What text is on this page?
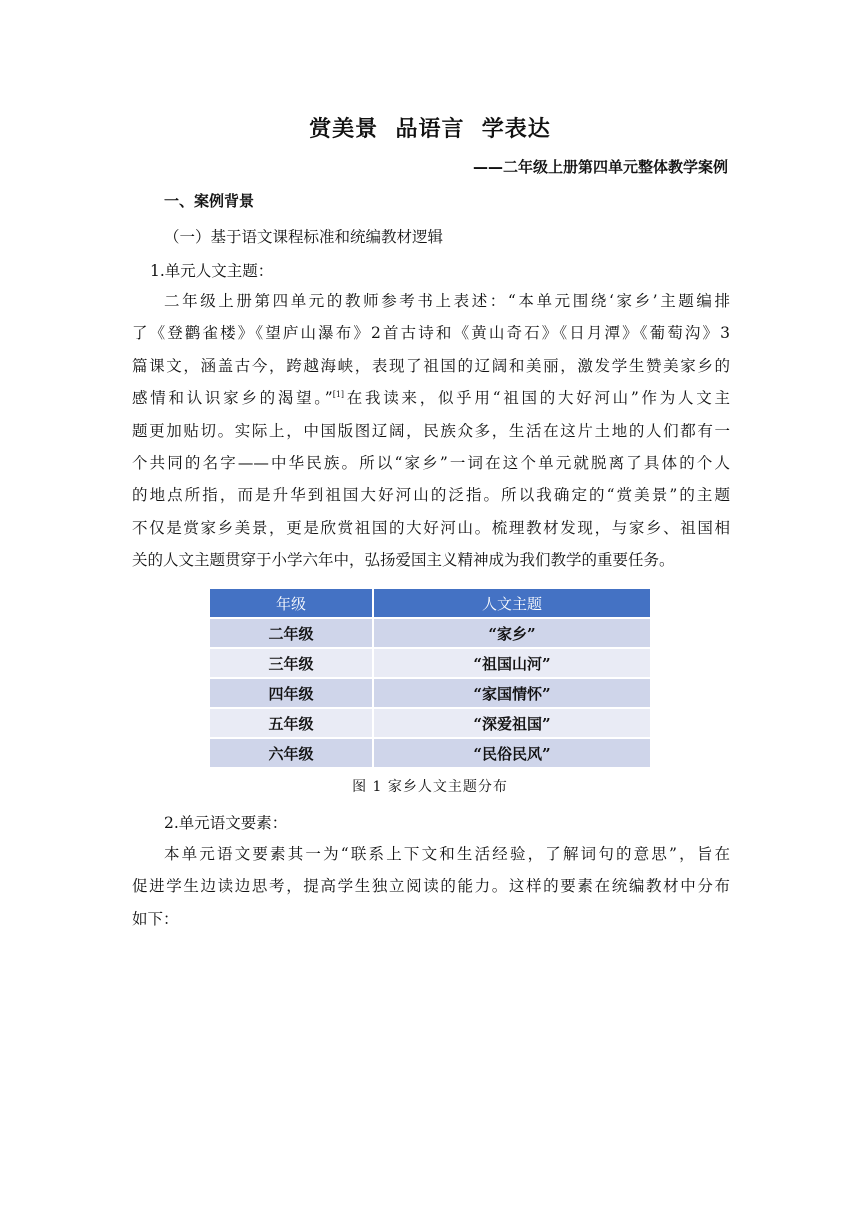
赏美景  品语言  学表达
——二年级上册第四单元整体教学案例
一、案例背景
（一）基于语文课程标准和统编教材逻辑
1.单元人文主题：
二年级上册第四单元的教师参考书上表述：“本单元围绕‘家乡’主题编排
了《登鹳雀楼》《望庐山瀑布》2首古诗和《黄山奇石》《日月潭》《葡萄沟》3
篇课文，涵盖古今，跨越海峡，表现了祖国的辽阔和美丽，激发学生赞美家乡的
感情和认识家乡的渴望。”[1]在我读来，似乎用“祖国的大好河山”作为人文主
题更加贴切。实际上，中国版图辽阔，民族众多，生活在这片土地的人们都有一
个共同的名字——中华民族。所以“家乡”一词在这个单元就脱离了具体的个人
的地点所指，而是升华到祖国大好河山的泛指。所以我确定的“赏美景”的主题
不仅是赏家乡美景，更是欣赏祖国的大好河山。梳理教材发现，与家乡、祖国相
关的人文主题贯穿于小学六年中，弘扬爱国主义精神成为我们教学的重要任务。
年级	人文主题
二年级	“家乡”
三年级	“祖国山河”
四年级	“家国情怀”
五年级	“深爱祖国”
六年级	“民俗民风”
图 1 家乡人文主题分布
2.单元语文要素：
本单元语文要素其一为“联系上下文和生活经验，了解词句的意思”，旨在
促进学生边读边思考，提高学生独立阅读的能力。这样的要素在统编教材中分布
如下：
